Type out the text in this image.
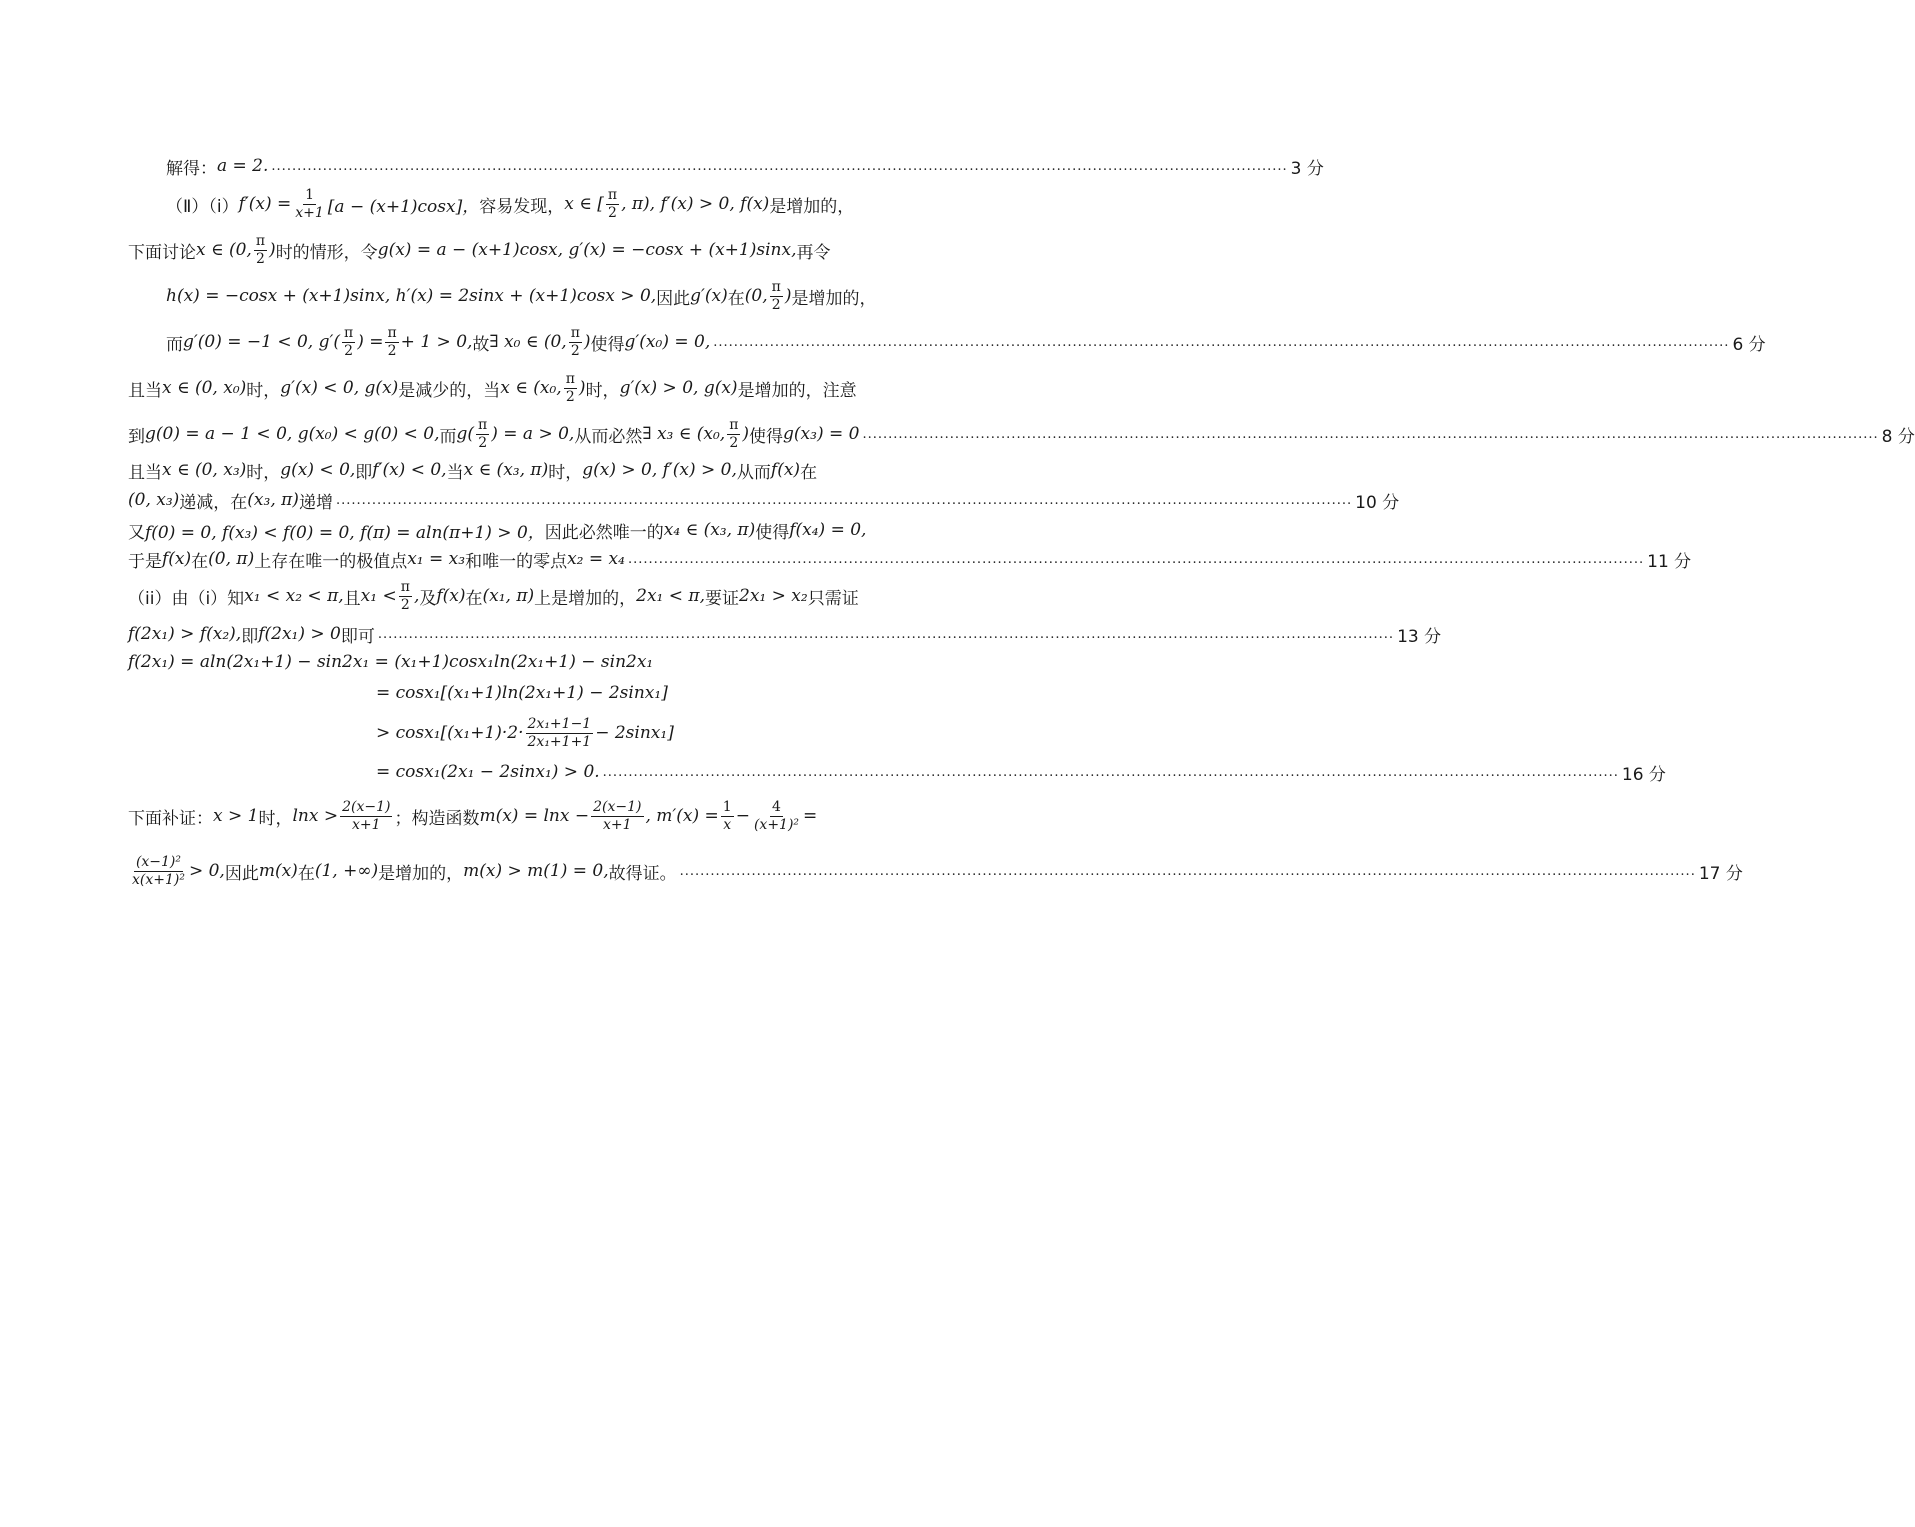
解得： a = 2. ...................................................................................................................................................................................................... 3 分
（Ⅱ）（i） $f'(x) = \frac{1}{x+1} [a - (x+1)\cos x]$， 容易发现， x ∈ [ $\frac{\pi}{2}$ , π), f′(x) > 0, f(x) 是增加的，
下面讨论 x ∈ (0, $\frac{\pi}{2}$ ) 时的情形，令 g(x) = a − (x+1)cosx, g′(x) = −cosx + (x+1)sinx, 再令
h(x) = −cosx + (x+1)sinx, h′(x) = 2sinx + (x+1)cosx > 0, 因此 g′(x) 在 (0, $\frac{\pi}{2}$ ) 是增加的，
而 g′(0) = −1 < 0, $g'( \frac{\pi}{2}$ ) = $\frac{\pi}{2} + 1 > 0$, 故 ∃ x₀ ∈ (0, $\frac{\pi}{2}$ ) 使得 g′(x₀) = 0, ...................................................................................................................................................................................................... 6 分
且当 x ∈ (0, x₀) 时， g′(x) < 0, g(x) 是减少的，当 x ∈ (x₀, $\frac{\pi}{2}$ ) 时， g′(x) > 0, g(x) 是增加的，注意
到 g(0) = a − 1 < 0, g(x₀) < g(0) < 0, 而 $g( \frac{\pi}{2}$ ) = a > 0, 从而必然 ∃ x₃ ∈ (x₀, $\frac{\pi}{2}$ ) 使得 g(x₃) = 0 ...................................................................................................................................................................................................... 8 分
且当 x ∈ (0, x₃) 时， g(x) < 0, 即 f′(x) < 0, 当 x ∈ (x₃, π) 时， g(x) > 0, f′(x) > 0, 从而 f(x) 在
(0, x₃) 递减，在 (x₃, π) 递增 ...................................................................................................................................................................................................... 10 分
又 f(0) = 0, f(x₃) < f(0) = 0, f(π) = aln(π+1) > 0， 因此必然唯一的 x₄ ∈ (x₃, π) 使得 f(x₄) = 0,
于是 f(x) 在 (0, π) 上存在唯一的极值点 x₁ = x₃ 和唯一的零点 x₂ = x₄ ...................................................................................................................................................................................................... 11 分
（ii）由（i）知 x₁ < x₂ < π, 且 $x_1 < \frac{\pi}{2}$ , 及 f(x) 在 (x₁, π) 上是增加的， 2x₁ < π, 要证 2x₁ > x₂ 只需证
f(2x₁) > f(x₂), 即 f(2x₁) > 0 即可 ...................................................................................................................................................................................................... 13 分
f(2x₁) = aln(2x₁+1) − sin2x₁ = (x₁+1)cosx₁ln(2x₁+1) − sin2x₁
= cosx₁[(x₁+1)ln(2x₁+1) − 2sinx₁]
> $\cos x_1[(x_1+1)\cdot 2\cdot \frac{\text{2x₁+1−1}}{\text{2x₁+1+1}} - 2\sin x_1]$
= cosx₁(2x₁ − 2sinx₁) > 0. ...................................................................................................................................................................................................... 16 分
下面补证： x > 1 时， $\ln x > \frac{2(x-1)}{x+1}$ ；构造函数 $m(x) = \ln x - \frac{2(x-1)}{x+1}$ , $m'(x) = \frac{1}{x} - \frac{4}{\text{(x+1)²}}$ =
$\frac{\text{(x−1)²}}{\text{x(x+1)²}} > 0$, 因此 m(x) 在 (1, +∞) 是增加的， m(x) > m(1) = 0, 故得证。 ...................................................................................................................................................................................................... 17 分
